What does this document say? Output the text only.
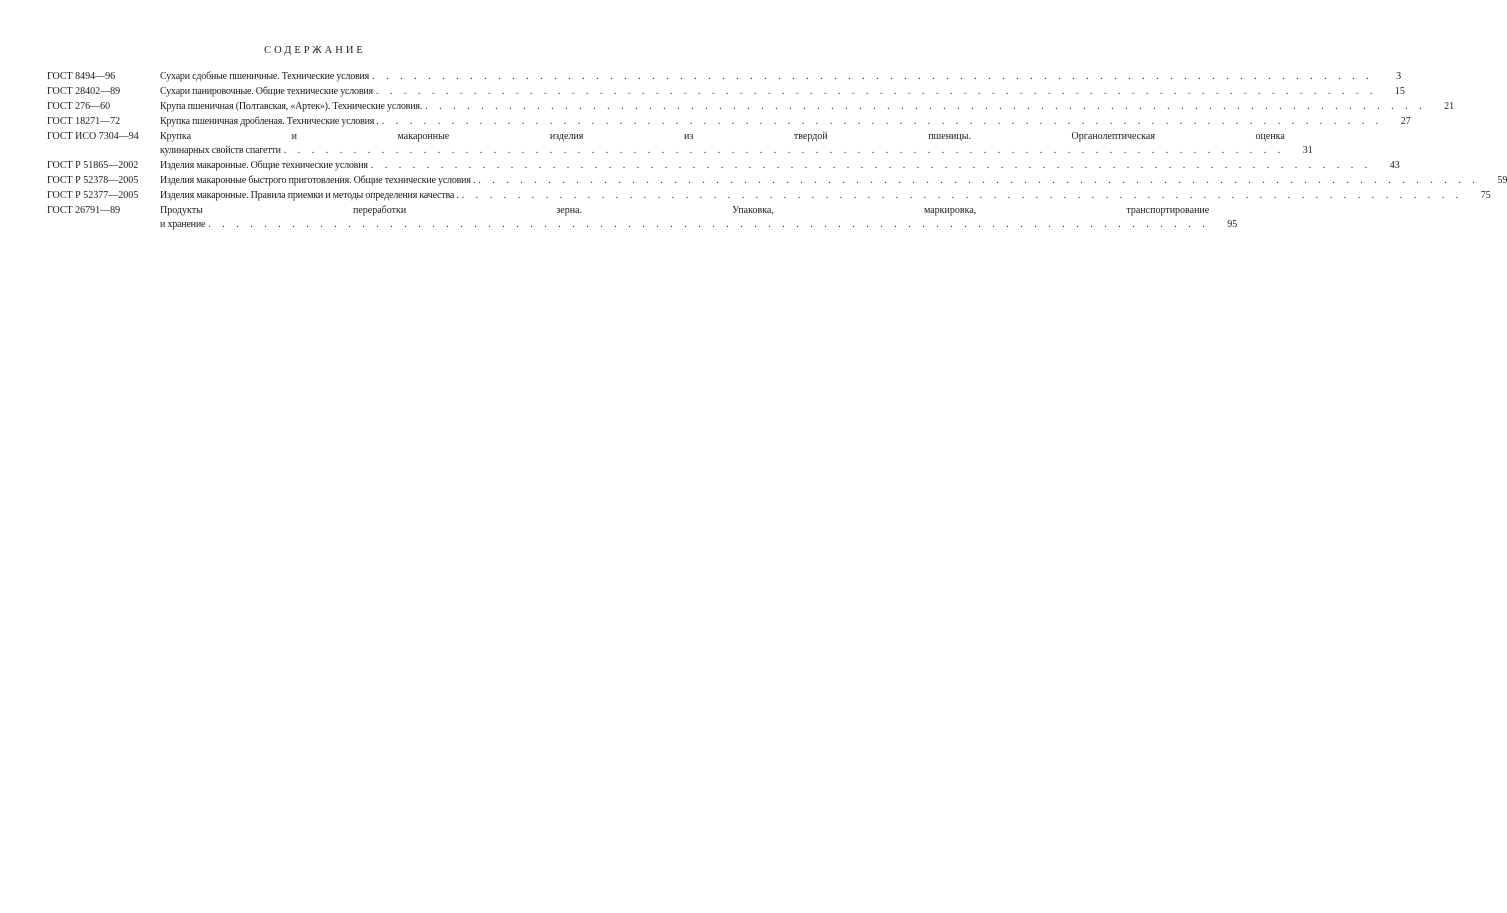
СОДЕРЖАНИЕ
ГОСТ 8494—96	Сухари сдобные пшеничные. Технические условия . . .	3
ГОСТ 28402—89	Сухари панировочные. Общие технические условия . . .	15
ГОСТ 276—60	Крупа пшеничная (Полтавская, «Артек»). Технические условия. . . .	21
ГОСТ 18271—72	Крупка пшеничная дробленая. Технические условия . . . .	27
ГОСТ ИСО 7304—94	Крупка и макаронные изделия из твердой пшеницы. Органолептическая оценка
кулинарных свойств спагетти . . .	31
ГОСТ Р 51865—2002	Изделия макаронные. Общие технические условия . . .	43
ГОСТ Р 52378—2005	Изделия макаронные быстрого приготовления. Общие технические условия . . . .	59
ГОСТ Р 52377—2005	Изделия макаронные. Правила приемки и методы определения качества . . . .	75
ГОСТ 26791—89	Продукты переработки зерна. Упаковка, маркировка, транспортирование
и хранение . . .	95
